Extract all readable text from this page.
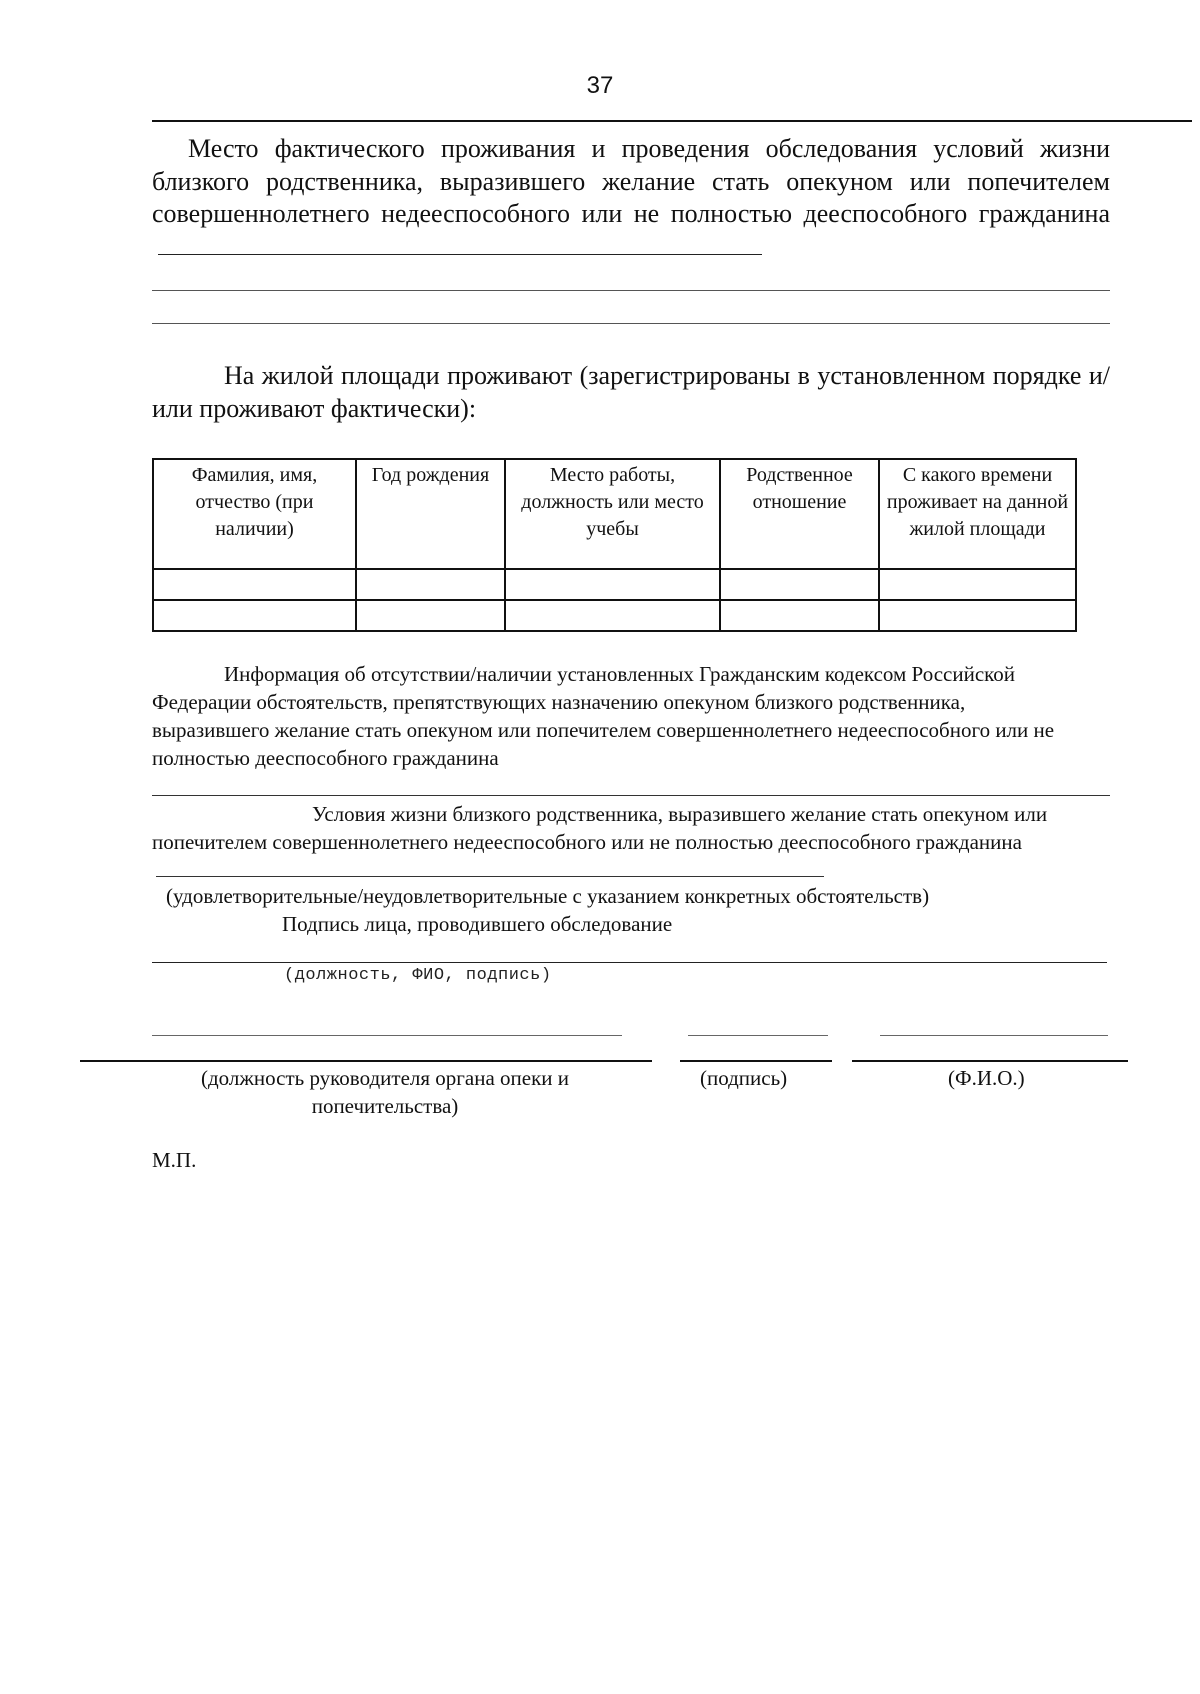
37
Место фактического проживания и проведения обследования условий жизни близкого родственника, выразившего желание стать опекуном или попечителем совершеннолетнего недееспособного или не полностью дееспособного гражданина
На жилой площади проживают (зарегистрированы в установленном порядке и/или проживают фактически):
Фамилия, имя, отчество (при наличии)	Год рождения	Место работы, должность или место учебы	Родственное отношение	С какого времени проживает на данной жилой площади

Информация об отсутствии/наличии установленных Гражданским кодексом Российской Федерации обстоятельств, препятствующих назначению опекуном близкого родственника, выразившего желание стать опекуном или попечителем совершеннолетнего недееспособного или не полностью дееспособного гражданина
Условия жизни близкого родственника, выразившего желание стать опекуном или попечителем совершеннолетнего недееспособного или не полностью дееспособного гражданина
(удовлетворительные/неудовлетворительные с указанием конкретных обстоятельств)
Подпись лица, проводившего обследование
(должность, ФИО, подпись)
(должность руководителя органа опеки и попечительства)
(подпись)	(Ф.И.О.)
М.П.
